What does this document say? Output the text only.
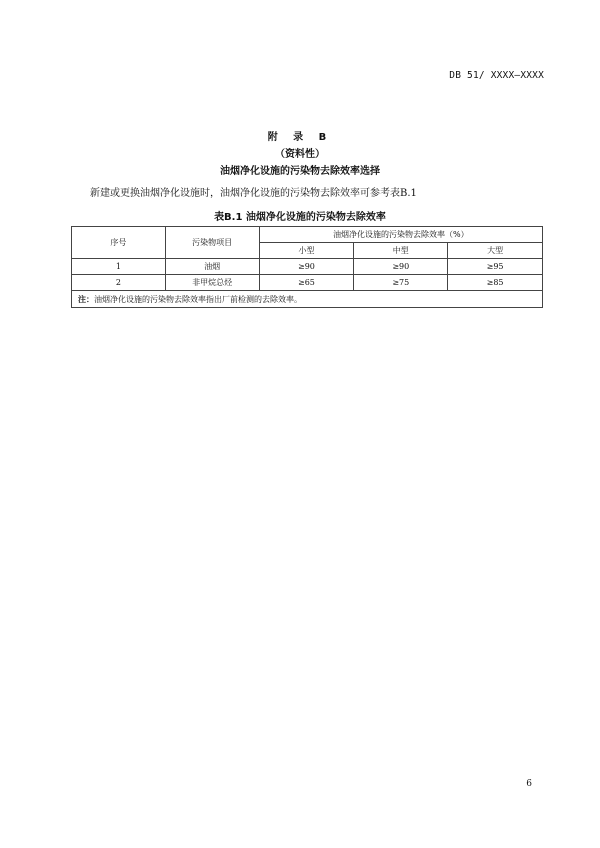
DB 51/ XXXX—XXXX
附 录 B
（资料性）
油烟净化设施的污染物去除效率选择
新建或更换油烟净化设施时，油烟净化设施的污染物去除效率可参考表B.1
表B.1 油烟净化设施的污染物去除效率
序号	污染物项目	油烟净化设施的污染物去除效率（%）		
		小型	中型	大型
1	油烟	≥90	≥90	≥95
2	非甲烷总烃	≥65	≥75	≥85
注：油烟净化设施的污染物去除效率指出厂前检测的去除效率。				
6
